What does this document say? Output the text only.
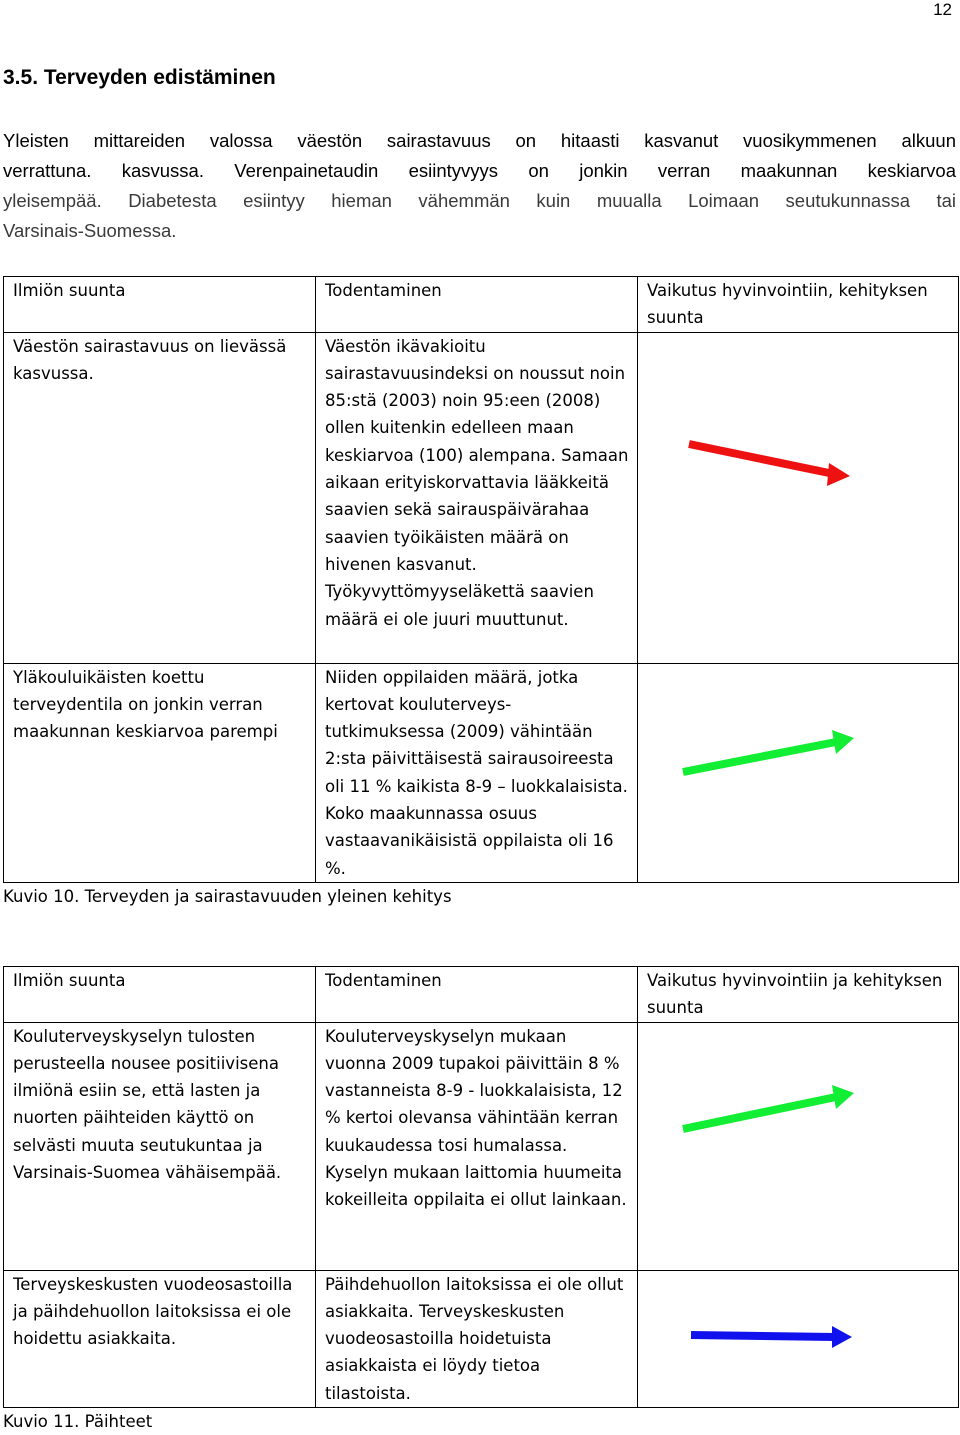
12
3.5. Terveyden edistäminen
Yleisten mittareiden valossa väestön sairastavuus on hitaasti kasvanut vuosikymmenen alkuun
verrattuna. kasvussa. Verenpainetaudin esiintyvyys on jonkin verran maakunnan keskiarvoa
yleisempää. Diabetesta esiintyy hieman vähemmän kuin muualla Loimaan seutukunnassa tai
Varsinais-Suomessa.
Ilmiön suunta	Todentaminen	Vaikutus hyvinvointiin, kehityksen suunta
Väestön sairastavuus on lievässä kasvussa.	Väestön ikävakioitu sairastavuusindeksi on noussut noin 85:stä (2003) noin 95:een (2008) ollen kuitenkin edelleen maan keskiarvoa (100) alempana. Samaan aikaan erityiskorvattavia lääkkeitä saavien sekä sairauspäivärahaa saavien työikäisten määrä on hivenen kasvanut. Työkyvyttömyyseläkettä saavien määrä ei ole juuri muuttunut.	

Yläkouluikäisten koettu terveydentila on jonkin verran maakunnan keskiarvoa parempi	Niiden oppilaiden määrä, jotka kertovat kouluterveys-tutkimuksessa (2009) vähintään 2:sta päivittäisestä sairausoireesta oli 11 % kaikista 8-9 – luokkalaisista. Koko maakunnassa osuus vastaavanikäisistä oppilaista oli 16 %.	
Kuvio 10. Terveyden ja sairastavuuden yleinen kehitys
Ilmiön suunta	Todentaminen	Vaikutus hyvinvointiin ja kehityksen suunta
Kouluterveyskyselyn tulosten perusteella nousee positiivisena ilmiönä esiin se, että lasten ja nuorten päihteiden käyttö on selvästi muuta seutukuntaa ja Varsinais-Suomea vähäisempää.	Kouluterveyskyselyn mukaan vuonna 2009 tupakoi päivittäin 8 % vastanneista 8-9 - luokkalaisista, 12 % kertoi olevansa vähintään kerran kuukaudessa tosi humalassa. Kyselyn mukaan laittomia huumeita kokeilleita oppilaita ei ollut lainkaan.	

Terveyskeskusten vuodeosastoilla ja päihdehuollon laitoksissa ei ole hoidettu asiakkaita.	Päihdehuollon laitoksissa ei ole ollut asiakkaita. Terveyskeskusten vuodeosastoilla hoidetuista asiakkaista ei löydy tietoa tilastoista.	
Kuvio 11. Päihteet
